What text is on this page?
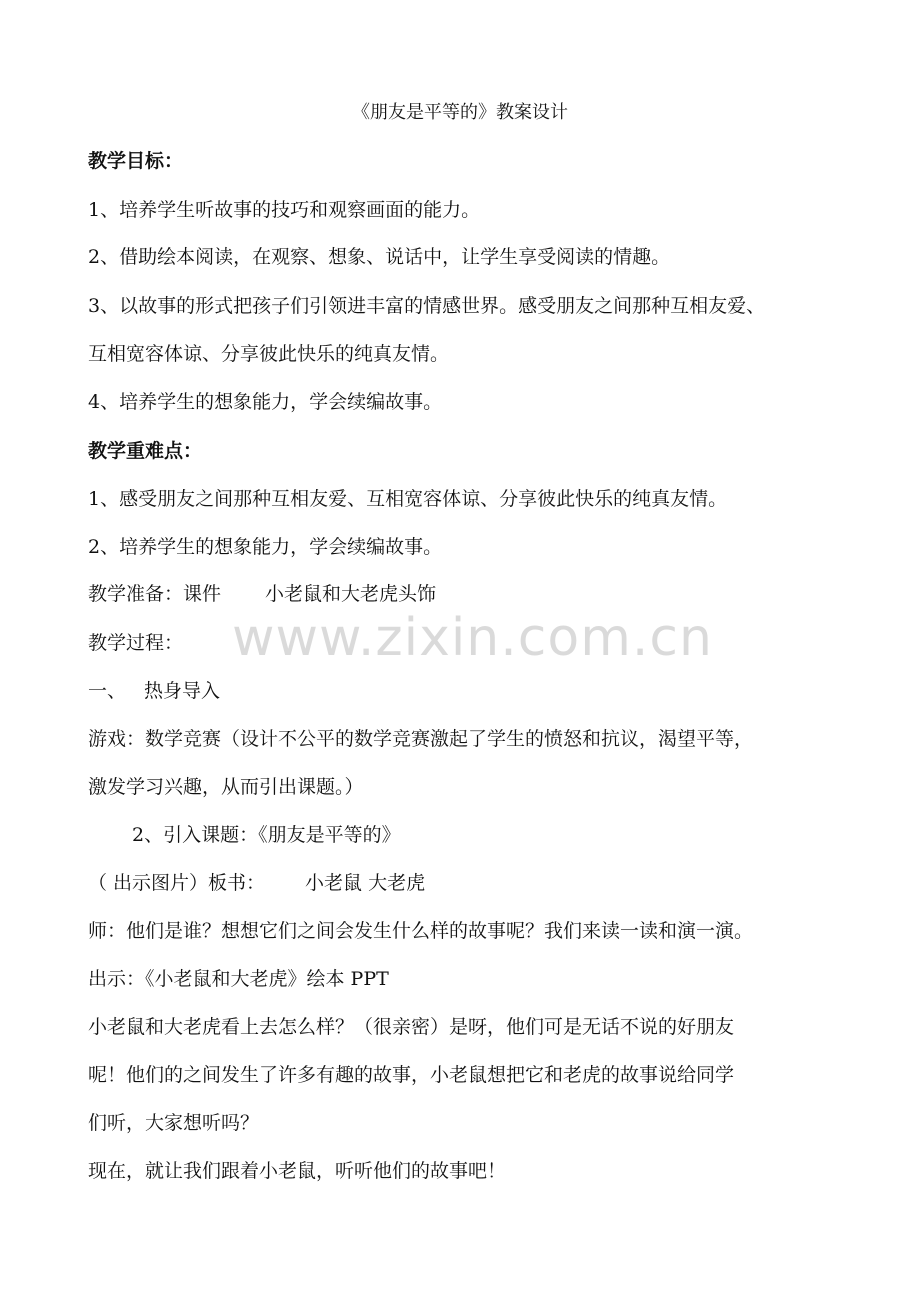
《朋友是平等的》教案设计
教学目标：
1、培养学生听故事的技巧和观察画面的能力。
2、借助绘本阅读，在观察、想象、说话中，让学生享受阅读的情趣。
3、以故事的形式把孩子们引领进丰富的情感世界。感受朋友之间那种互相友爱、
互相宽容体谅、分享彼此快乐的纯真友情。
4、培养学生的想象能力，学会续编故事。
教学重难点：
1、感受朋友之间那种互相友爱、互相宽容体谅、分享彼此快乐的纯真友情。
2、培养学生的想象能力，学会续编故事。
教学准备：课件 小老鼠和大老虎头饰
教学过程：
一、 热身导入
游戏：数学竞赛（设计不公平的数学竞赛激起了学生的愤怒和抗议，渴望平等，
激发学习兴趣，从而引出课题。）
2、引入课题：《朋友是平等的》
（ 出示图片）板书： 小老鼠 大老虎
师：他们是谁？想想它们之间会发生什么样的故事呢？我们来读一读和演一演。
出示：《小老鼠和大老虎》绘本 PPT
小老鼠和大老虎看上去怎么样？（很亲密）是呀，他们可是无话不说的好朋友
呢！他们的之间发生了许多有趣的故事，小老鼠想把它和老虎的故事说给同学
们听，大家想听吗？
现在，就让我们跟着小老鼠，听听他们的故事吧！
www.zixin.com.cn
